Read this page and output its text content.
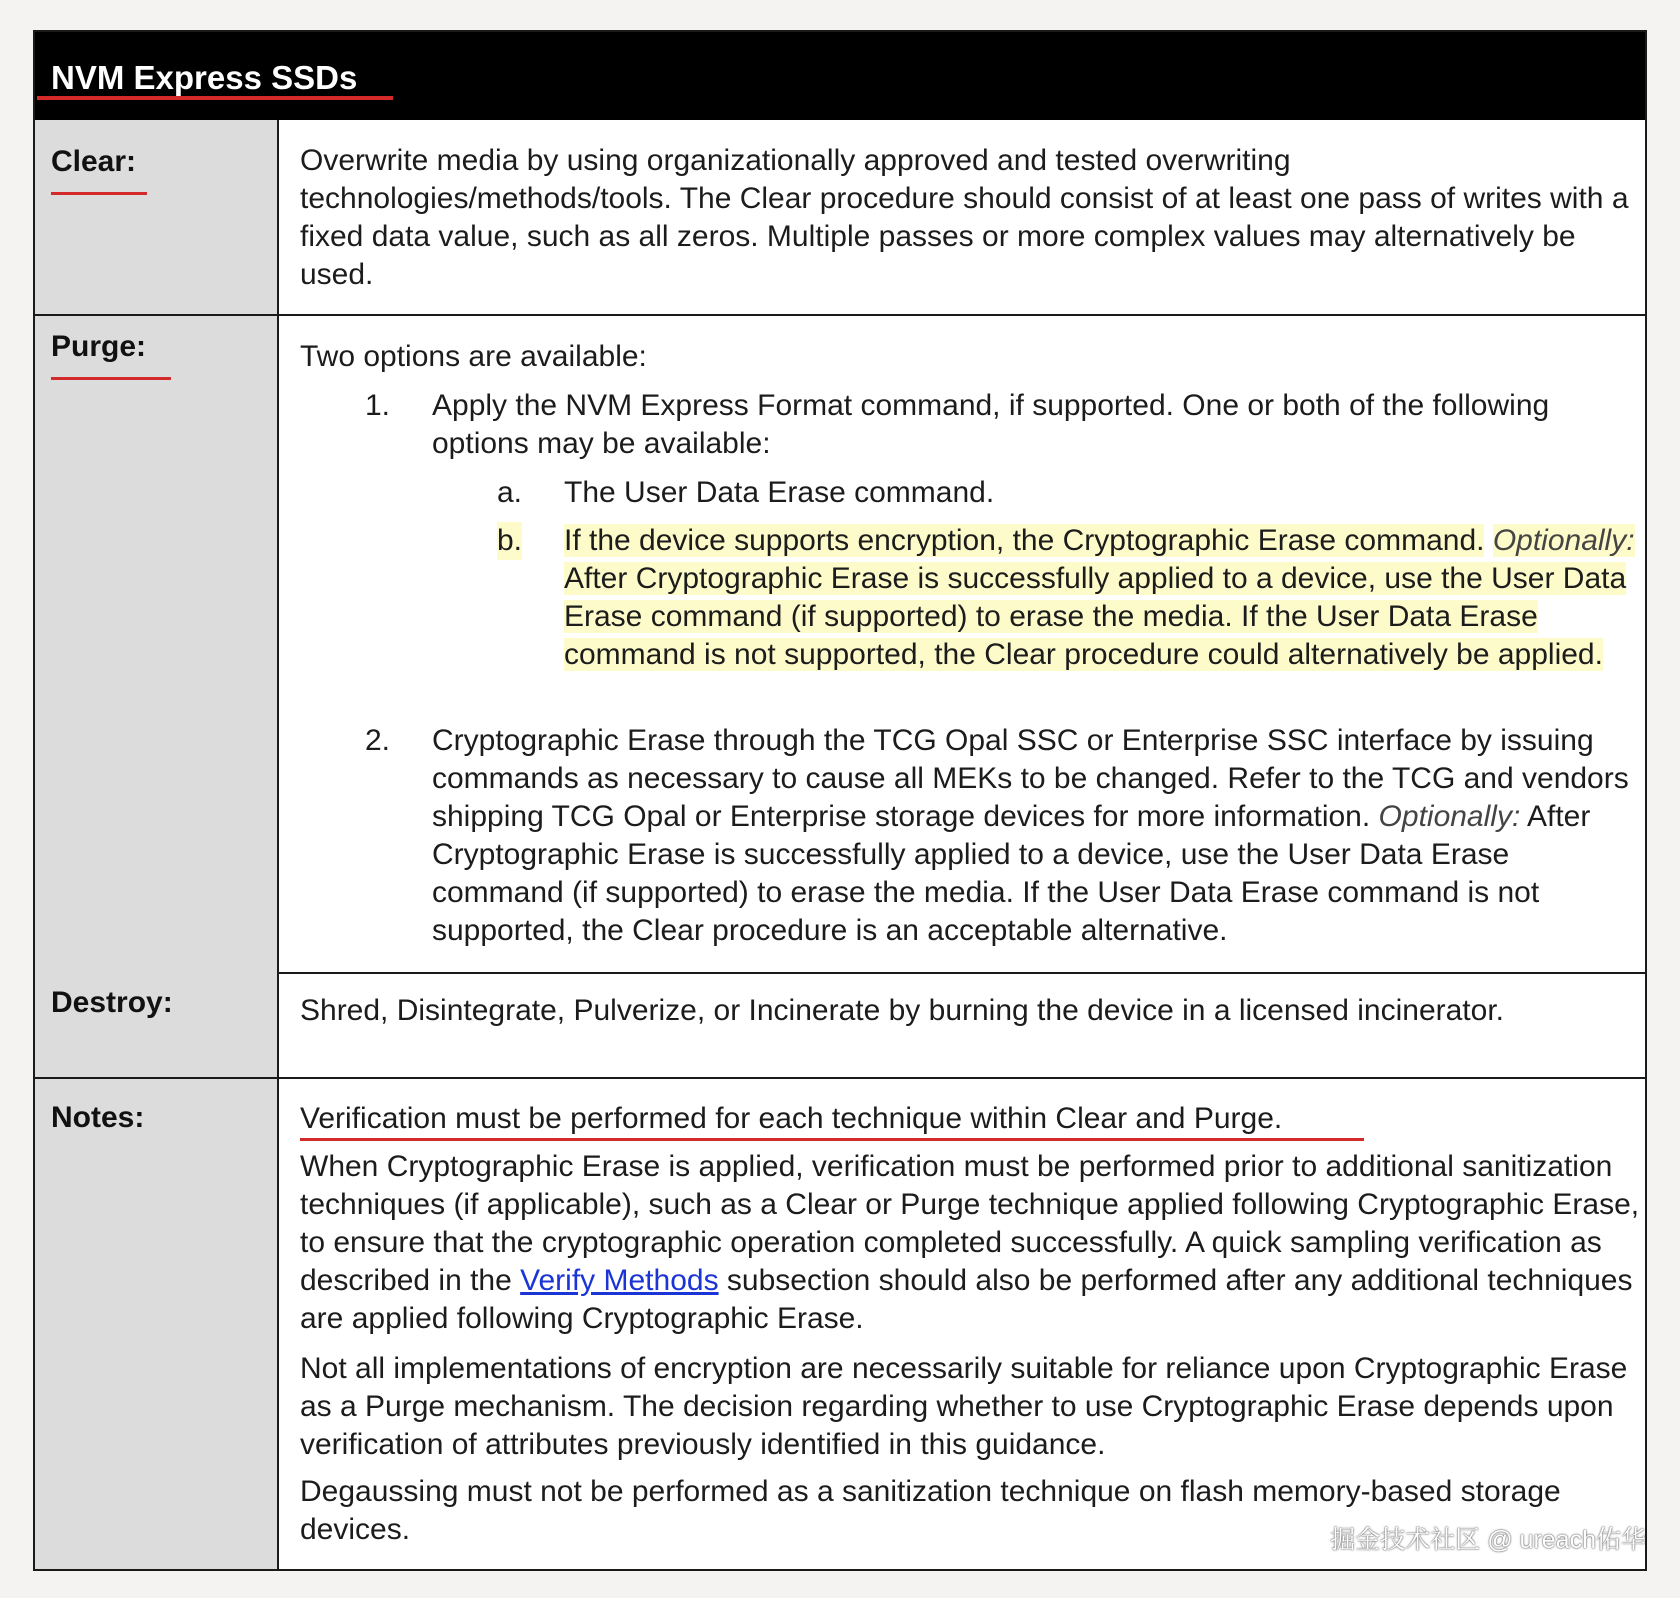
NVM Express SSDs
Clear:	Overwrite media by using organizationally approved and tested overwriting technologies/methods/tools. The Clear procedure should consist of at least one pass of writes with a fixed data value, such as all zeros. Multiple passes or more complex values may alternatively be used.
Purge:	Two options are available:
1. Apply the NVM Express Format command, if supported. One or both of the following options may be available:
a. The User Data Erase command.
b. If the device supports encryption, the Cryptographic Erase command. Optionally: After Cryptographic Erase is successfully applied to a device, use the User Data Erase command (if supported) to erase the media. If the User Data Erase command is not supported, the Clear procedure could alternatively be applied.
2. Cryptographic Erase through the TCG Opal SSC or Enterprise SSC interface by issuing commands as necessary to cause all MEKs to be changed. Refer to the TCG and vendors shipping TCG Opal or Enterprise storage devices for more information. Optionally: After Cryptographic Erase is successfully applied to a device, use the User Data Erase command (if supported) to erase the media. If the User Data Erase command is not supported, the Clear procedure is an acceptable alternative.
Destroy:	Shred, Disintegrate, Pulverize, or Incinerate by burning the device in a licensed incinerator.
Notes:	Verification must be performed for each technique within Clear and Purge.
When Cryptographic Erase is applied, verification must be performed prior to additional sanitization techniques (if applicable), such as a Clear or Purge technique applied following Cryptographic Erase, to ensure that the cryptographic operation completed successfully. A quick sampling verification as described in the Verify Methods subsection should also be performed after any additional techniques are applied following Cryptographic Erase.
Not all implementations of encryption are necessarily suitable for reliance upon Cryptographic Erase as a Purge mechanism. The decision regarding whether to use Cryptographic Erase depends upon verification of attributes previously identified in this guidance.
Degaussing must not be performed as a sanitization technique on flash memory-based storage devices.	掘金技术社区 @ ureach佑华
